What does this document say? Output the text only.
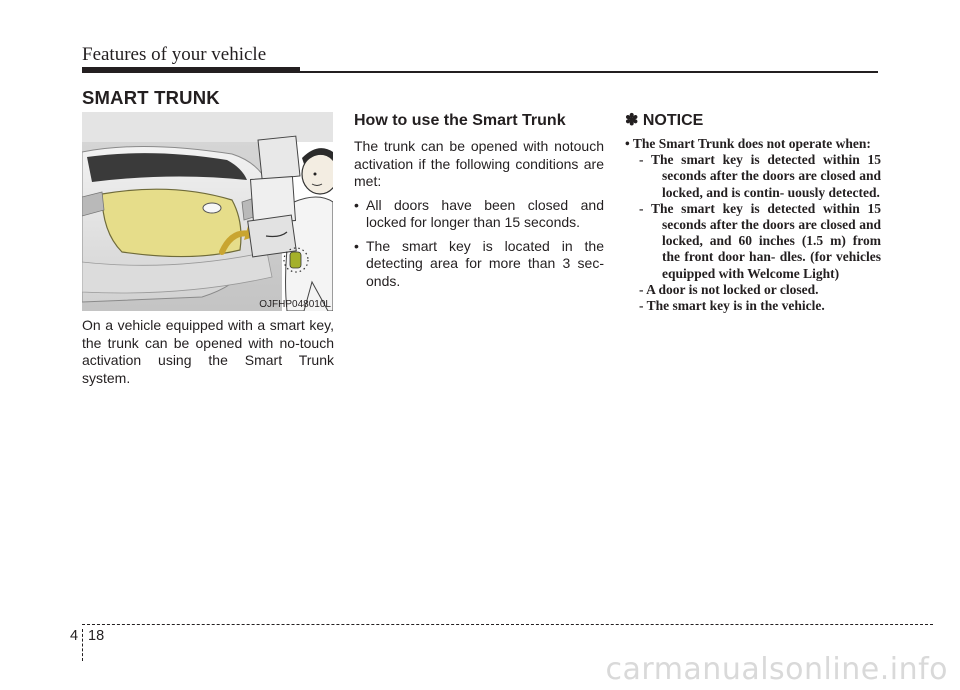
Features of your vehicle
SMART TRUNK
OJFHP048010L
On a vehicle equipped with a smart key, the trunk can be opened with no-touch activation using the Smart Trunk system.
How to use the Smart Trunk

The trunk can be opened with notouch activation if the following conditions are met:

• All doors have been closed and locked for longer than 15 seconds.
• The smart key is located in the detecting area for more than 3 sec- onds.
✽ NOTICE
• The Smart Trunk does not operate when:
- The smart key is detected within 15 seconds after the doors are closed and locked, and is contin- uously detected.
- The smart key is detected within 15 seconds after the doors are closed and locked, and 60 inches (1.5 m) from the front door han- dles. (for vehicles equipped with Welcome Light)
- A door is not locked or closed.
- The smart key is in the vehicle.
4 18
carmanualsonline.info
